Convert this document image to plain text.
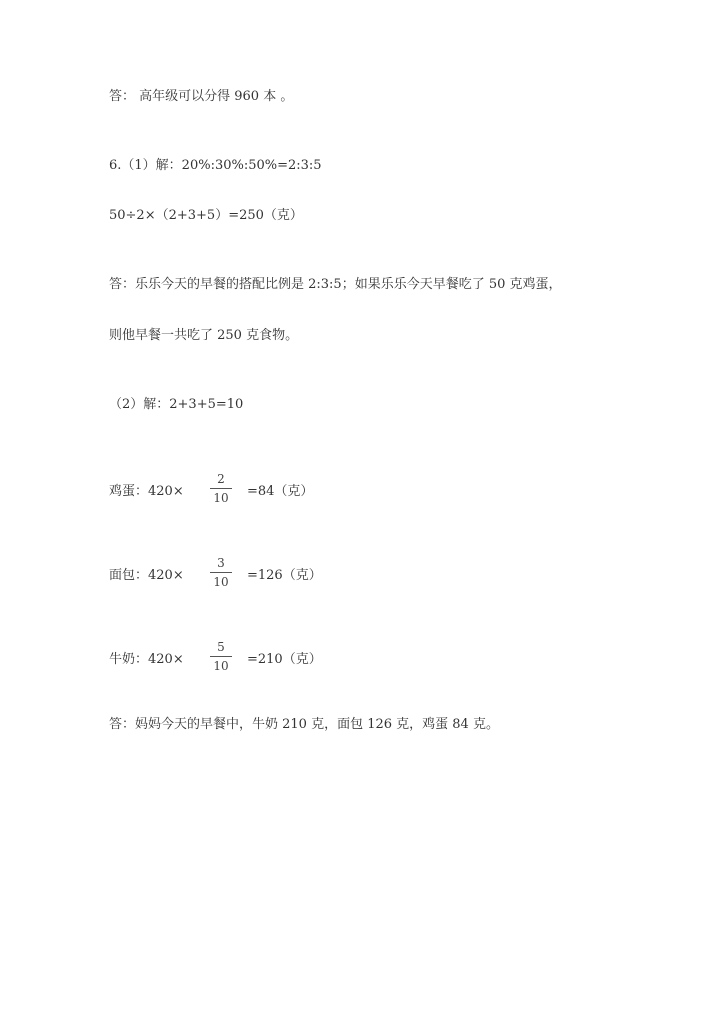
答： 高年级可以分得 960 本 。
6.（1）解：20%:30%:50%=2:3:5
50÷2×（2+3+5）=250（克）
答：乐乐今天的早餐的搭配比例是 2:3:5；如果乐乐今天早餐吃了 50 克鸡蛋，
则他早餐一共吃了 250 克食物。
（2）解：2+3+5=10
鸡蛋：420×
2
10 =84（克）
面包：420×
3
10 =126（克）
牛奶：420×
5
10 =210（克）
答：妈妈今天的早餐中，牛奶 210 克，面包 126 克，鸡蛋 84 克。
